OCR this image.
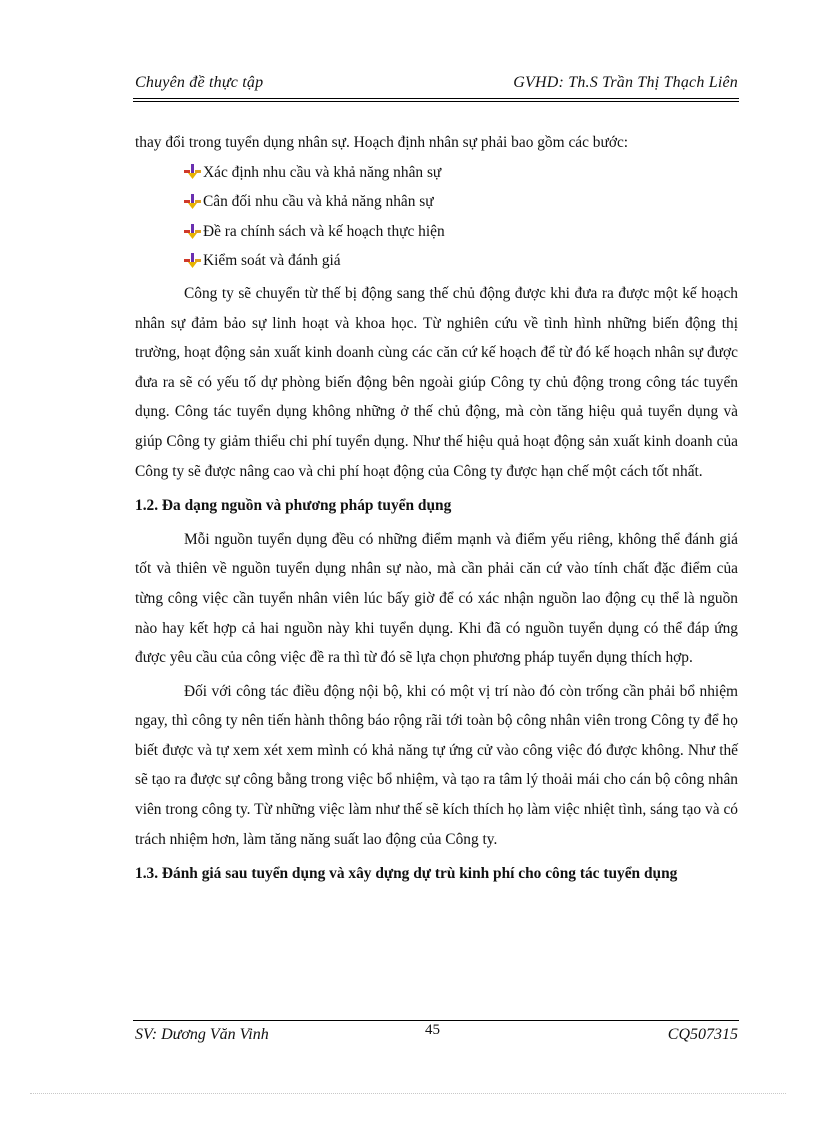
Chuyên đề thực tập	GVHD: Th.S Trần Thị Thạch Liên

thay đổi trong tuyển dụng nhân sự. Hoạch định nhân sự phải bao gồm các bước:

Xác định nhu cầu và khả năng nhân sự
Cân đối nhu cầu và khả năng nhân sự
Đề ra chính sách và kế hoạch thực hiện
Kiểm soát và đánh giá

Công ty sẽ chuyển từ thế bị động sang thế chủ động được khi đưa ra được một kế hoạch nhân sự đảm bảo sự linh hoạt và khoa học. Từ nghiên cứu về tình hình những biến động thị trường, hoạt động sản xuất kinh doanh cùng các căn cứ kế hoạch để từ đó kế hoạch nhân sự được đưa ra sẽ có yếu tố dự phòng biến động bên ngoài giúp Công ty chủ động trong công tác tuyển dụng. Công tác tuyển dụng không những ở thế chủ động, mà còn tăng hiệu quả tuyển dụng và giúp Công ty giảm thiểu chi phí tuyển dụng. Như thế hiệu quả hoạt động sản xuất kinh doanh của Công ty sẽ được nâng cao và chi phí hoạt động của Công ty được hạn chế một cách tốt nhất.

1.2. Đa dạng nguồn và phương pháp tuyển dụng

Mỗi nguồn tuyển dụng đều có những điểm mạnh và điểm yếu riêng, không thể đánh giá tốt và thiên về nguồn tuyển dụng nhân sự nào, mà cần phải căn cứ vào tính chất đặc điểm của từng công việc cần tuyển nhân viên lúc bấy giờ để có xác nhận nguồn lao động cụ thể là nguồn nào hay kết hợp cả hai nguồn này khi tuyển dụng. Khi đã có nguồn tuyển dụng có thể đáp ứng được yêu cầu của công việc đề ra thì từ đó sẽ lựa chọn phương pháp tuyển dụng thích hợp.

Đối với công tác điều động nội bộ, khi có một vị trí nào đó còn trống cần phải bổ nhiệm ngay, thì công ty nên tiến hành thông báo rộng rãi tới toàn bộ công nhân viên trong Công ty để họ biết được và tự xem xét xem mình có khả năng tự ứng cử vào công việc đó được không. Như thế sẽ tạo ra được sự công bằng trong việc bổ nhiệm, và tạo ra tâm lý thoải mái cho cán bộ công nhân viên trong công ty. Từ những việc làm như thế sẽ kích thích họ làm việc nhiệt tình, sáng tạo và có trách nhiệm hơn, làm tăng năng suất lao động của Công ty.

1.3. Đánh giá sau tuyển dụng và xây dựng dự trù kinh phí cho công tác tuyển dụng
SV: Dương Văn Vinh	45	CQ507315
